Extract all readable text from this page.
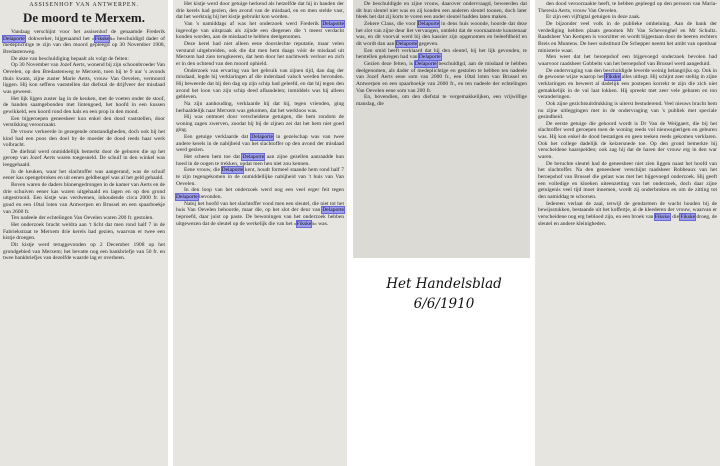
ASSISENHOF VAN ANTWERPEN.
De moord te Merxem.

Vandaag verschijnt voor het assisenhof de genaamde Frederik Delaporte, dokwerker, bijgenaamd het «Fiksken» beschuldigd dader of medeplichtige te zijn van den moord gepleegd op 30 November 1908, Bredastenweg.

De akte van beschuldiging bepaalt als volgt de feiten:

Op 30 November van Jozef Aerts, wonend bij zijn schoonbroeder Van Oevelen, op den Bredastenweg te Merxem, toen hij te 9 uur 's avonds thuis kwam, zijne zuster Marie Aerts, vrouw Van Oevelen, vermoord liggen. Hij kon seffens vaststellen dat diefstal de drijfveer der misdaad was geweest.

Het lijk lijgen zuster lag in de keuken, met de voeten onder de stoof, de handen saamgebonden met lintengoed, het hoofd in een kussen gewikkeld, een koord rond den hals en een prop in den mond.

Een bijgeroepen geneesheer kon enkel den dood vaststellen, door verstikking veroorzaakt.

De vrouw verkeerde in gezegende omstandigheden, doch ook bij het kind had een poos den doel by de moeder de dood reeds haar werk volbracht.

De diefstal werd onmiddellijk bemerkt door de geburen die op het geroep van Jozef Aerts waren toegesneld. De schuif in den winkel was leeggehaald.

In de keuken, waar het slachtoffer was aangerand, was de schuif eener kas opengebroken en uit eenen geldbeugel was al het geld gehaald.

Boven waren de daders binnengedrongen in de kamer van Aerts en de drie schuiven eener kas waren uitgehaald en lagen en op den grond uitgestrooid. Een kistje was verdwenen, inhoudende circa 2000 fr. in goud en een 10tal loten van Antwerpen en Brussel en een spaarboekje van 2600 fr.

Ten nadeele der echtelingen Van Oevelen waren 200 fr. gestolen.

Het onderzoek bracht weldra aan 't licht dat men rond half 7 in de Fabriekstraat te Merxem drie kerels had gezien, waarvan er twee een kistje droegen.

Dit kistje werd teruggevonden op 2 December 1908 op het grondgebied van Merxem; het bevatte nog een bankbriefje van 50 fr. en twee bankbriefjes van dezelfde waarde lag er overheen.

Het kistje werd door getuige herkend als hetzelfde dat hij in handen der drie kerels had gezien, den avond van de misdaad, en en men stelde vast, dat het werktuig bij het kistje gebruikt kon worden.

Van 's namiddags af was het onderzoek werd Frederik Delaporte ingevolge van uitspraak als zijnde een diegenen die 't meest verdacht konden worden, aan de misdaad te hebben deelgenomen.

Deze kerel had niet alleen eene doorslechte reputatie, maar velen verstand uitgebreiden, ook die dat men hem daags vóór de misdaad uit Merxem had zien terugkeeren, dat hem door het nachtwerk verloor en zich er in den ochtend van den moord ophield.

Onderzoek van ervaring van het gebruik van zijnen tijd, dan dag der misdaad, legde hij verklaringen af die inderdaad valsch werden bevonden. Hij beweerde dat hij den dag op zijn schip had geleefd, en dat hij tegen den avond het loon van zijn schip deed afhandelen; inmiddels was hij alleen gebleven.

Na zijn aanhouding, verklaarde hij dat hij, tegen vrienden, ging herhaaldelijk naar Merxem was gekomen, dat het werkloos was.

Hij was ontmoet door verscheidene getuigen, die hem rondom de woning zagen zwerven, zoodat hij bij de zijnen zei dat het hem niet goed ging.

Een getuige verklaarde dat Delaporte in gezelschap was van twee andere kerels in de nabijheid van het slachtoffer op den avond der misdaad werd gezien.

Het scheen hem toe dat Delaporte aan zijne gezellen aanraadde hun hoed in de oogen te trekken, opdat men hen niet zou kennen.

Eene vrouw, die Delaporte kent, houdt formeel staande hem rond half 7 te zijn tegengekomen in de onmiddellijke nabijheid van 't huis van Van Oevelen.

In den loop van het onderzoek werd nog een veel erger feit tegen Delaporte bevonden.

Nabij het hoofd van het slachtoffer vond men een sleutel, die niet tot het huis Van Oevelen behoorde, maar die, op het slot der deur van Delaporte beproefd, daar juist op paste. De bewoningen van het onderzoek hebben uitgewezen dat de sleutel op de werkelijk die van het «Fiksken» was.

De beschuldigde en zijne vrouw, daarover ondervraagd, beweerden dat dit hun sleutel niet was en zij konden een anderen sleutel toonen, doch later bleek het dat zij korts te voren een ander sleutel hadden laten maken.

Zekere Claus, die voor Delaporte in dens huis woonde, hoorde dat deze het slot van zijne deur liet vervangen, ontdekt dat de voornaamste kunstenaar was, en dit voorval werd bij den kassier zijn opgenomen en beleefdheid en dit wordt dan aan Delaporte gegeven.

Een smid heeft verklaard dat hij den sleutel, bij het lijk gevonden, te herstellen gekregen had van Delaporte.

Gezien deze feiten, is Delaporte beschuldigd, aan de misdaad te hebben deelgenomen, als dader of medeplichtige en gestolen te hebben ten nadeele van Jozef Aerts eene som van 2000 fr., een 10tal loten van Brussel en Antwerpen en een spaarboekje van 2600 fr., en ten nadeele der echtelingen Van Oevelen eene som van 200 fr.

En, bovendien, om den diefstal te vergemakkelijken, een vrijwillige manslag, die

Het Handelsblad
6/6/1910

den dood veroorzaakte heeft, te hebben gepleegd op den persoon van Maria-Theresia Aerts, vrouw Van Oevelen.

Er zijn een vijftigtal getuigen in deze zaak.

De bijzonder veel volk in de publieke omheining. Aan de bank der verdediging hebben plaats genomen Mr Van Schevenghel en Mr Schultz. Raadsheer Van Kempen is voorzitter en wordt bijgestaan door de heeren rechters Breis en Muntens. De heer substituut De Schepper neemt het ambt van openbaar ministerie waar.

Men weet dat het beroepshof een bijgevoegd onderzoek bevolen had waarvoor raadsheer Gobbelts van het beroepshof van Brussel werd aangeduid.

De ondervraging van den beschuldigde leverde weinig belangrijks op. Ook in de gewoone wijze waarop het Fikske alles uitlegt. Hij schijnt zeer stellig in zijne verklaringen en beweert al dadelijk een postepen korrekt te zijn die zich niet gemakkelijk in de val laat lokken. Hij spreekt met zeer vele gebaren en ton veranderingen.

Ook zijne gezichtsuitdrukking is uiterst bestuderend. Veel nieuws bracht hem nu zijne uitleggingen met in de ondervraging van 's publiek met speciale gesindheid.

De eerste getuige die gehoord wordt is Dr Van de Weijgaert, die bij het slachtoffer werd geroepen toen de woning reeds vol nieuwsgierigen en geburen was. Hij kon enkel de dood bestatigen en geen teeken reeds gekomen verklaren. Ook het college dadelijk de keizersnede toe. Op den grond bemerkte hij verscheidene haarspelden; ook zag hij dat de haren der vrouw erg in den war waren.

De beruchte sleutel had de geneesheer niet zien liggen naast het hoofd van het slachtoffer. Na den geneesheer verschijnt raadsheer Robbeaux van het beroepshof van Brussel die gelast was met het bijgevoegd onderzoek. Hij geeft een volledige en kloeken uiteenzetting van het onderzoek, doch daar zijne getuigenis veel tijd moet innemen, wordt zij onderbroken en om de zitting tot den namiddag te schorsen.

Iedereen verlaat de zaal, terwijl de gendarmen de wacht houden bij de bewijsstukken, bestaande uit het koffertje, al de kleederen der vrouw, waarvan er verscheidene nog erg bebloed zijn, en een broek van Fikske, die Fikske droeg, de sleutel en andere kleinigheden.
